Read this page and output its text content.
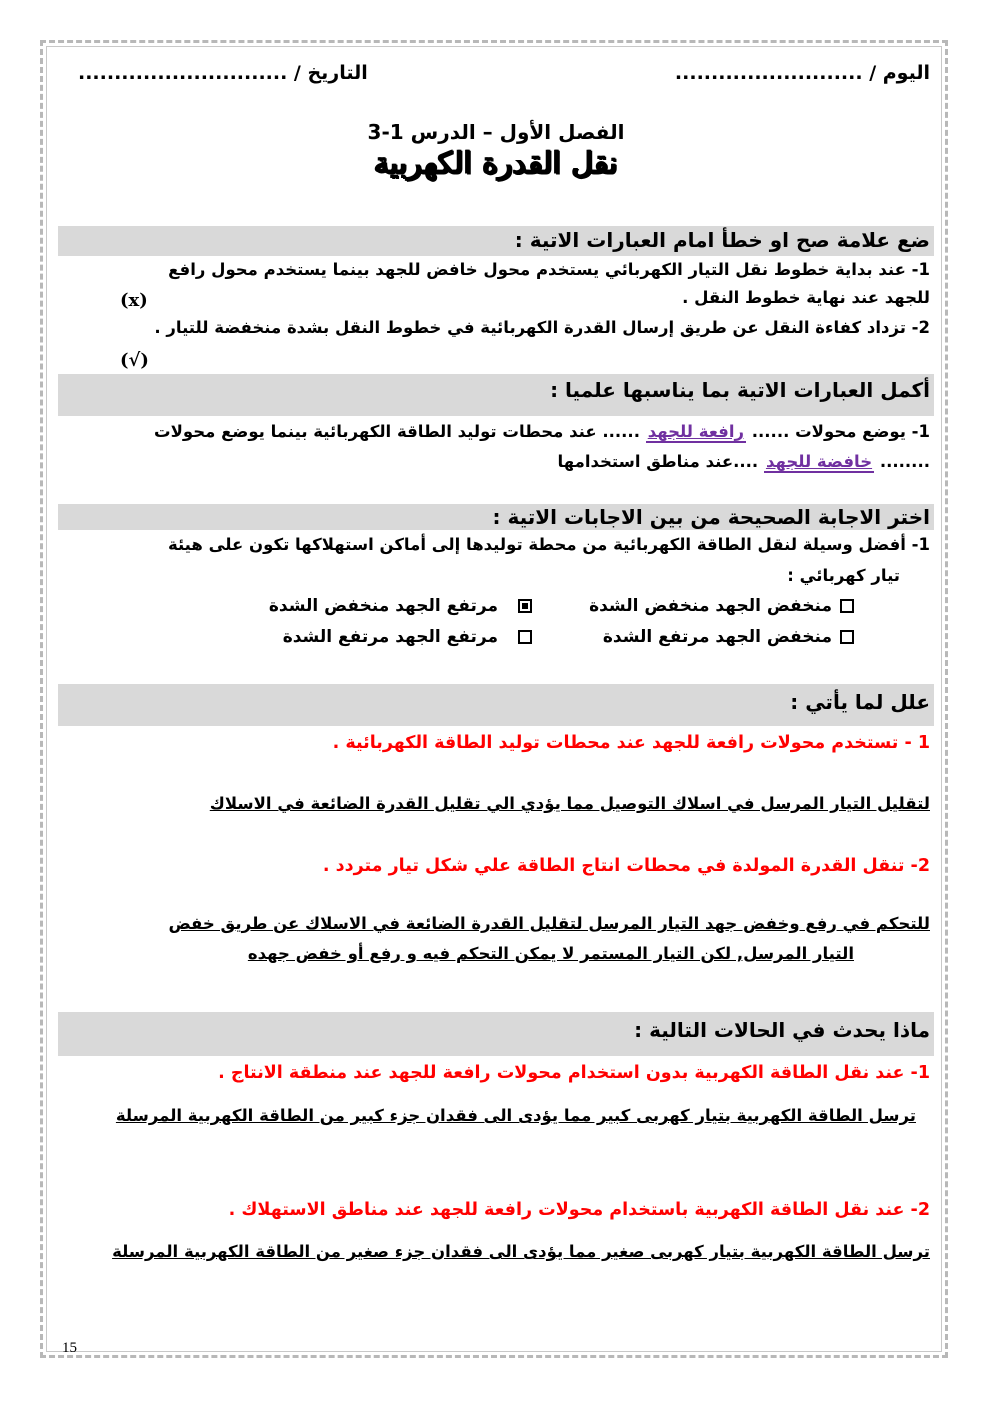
اليوم / ..........................
التاريخ / .............................
الفصل الأول – الدرس 1-3
نقل القدرة الكهربية
ضع علامة صح او خطأ امام العبارات الاتية :
1- عند بداية خطوط نقل التيار الكهربائي يستخدم محول خافض للجهد بينما يستخدم محول رافع
للجهد عند نهاية خطوط النقل .
(x)
2- تزداد كفاءة النقل عن طريق إرسال القدرة الكهربائية في خطوط النقل بشدة منخفضة للتيار .
(√)
أكمل العبارات الاتية بما يناسبها علميا :
1- يوضع محولات ...... رافعة للجهد ...... عند محطات توليد الطاقة الكهربائية بينما يوضع محولات
........ خافضة للجهد ....عند مناطق استخدامها
اختر الاجابة الصحيحة من بين الاجابات الاتية :
1- أفضل وسيلة لنقل الطاقة الكهربائية من محطة توليدها إلى أماكن استهلاكها تكون على هيئة
تيار كهربائي :
منخفض الجهد منخفض الشدة
مرتفع الجهد منخفض الشدة
منخفض الجهد مرتفع الشدة
مرتفع الجهد مرتفع الشدة
علل لما يأتي :
1 - تستخدم محولات رافعة للجهد عند محطات توليد الطاقة الكهربائية .
لتقليل التيار المرسل في اسلاك التوصيل مما يؤدي الي تقليل القدرة الضائعة في الاسلاك
2- تنقل القدرة المولدة في محطات انتاج الطاقة علي شكل تيار متردد .
للتحكم في رفع وخفض جهد التيار المرسل لتقليل القدرة الضائعة في الاسلاك عن طريق خفض
التيار المرسل, لكن التيار المستمر لا يمكن التحكم فيه و رفع أو خفض جهده
ماذا يحدث في الحالات التالية :
1- عند نقل الطاقة الكهربية بدون استخدام محولات رافعة للجهد عند منطقة الانتاج .
ترسل الطاقة الكهربية بتيار كهربى كبير مما يؤدى الى فقدان جزء كبير من الطاقة الكهربية المرسلة
2- عند نقل الطاقة الكهربية باستخدام محولات رافعة للجهد عند مناطق الاستهلاك .
ترسل الطاقة الكهربية بتيار كهربى صغير مما يؤدى الى فقدان جزء صغير من الطاقة الكهربية المرسلة
15
